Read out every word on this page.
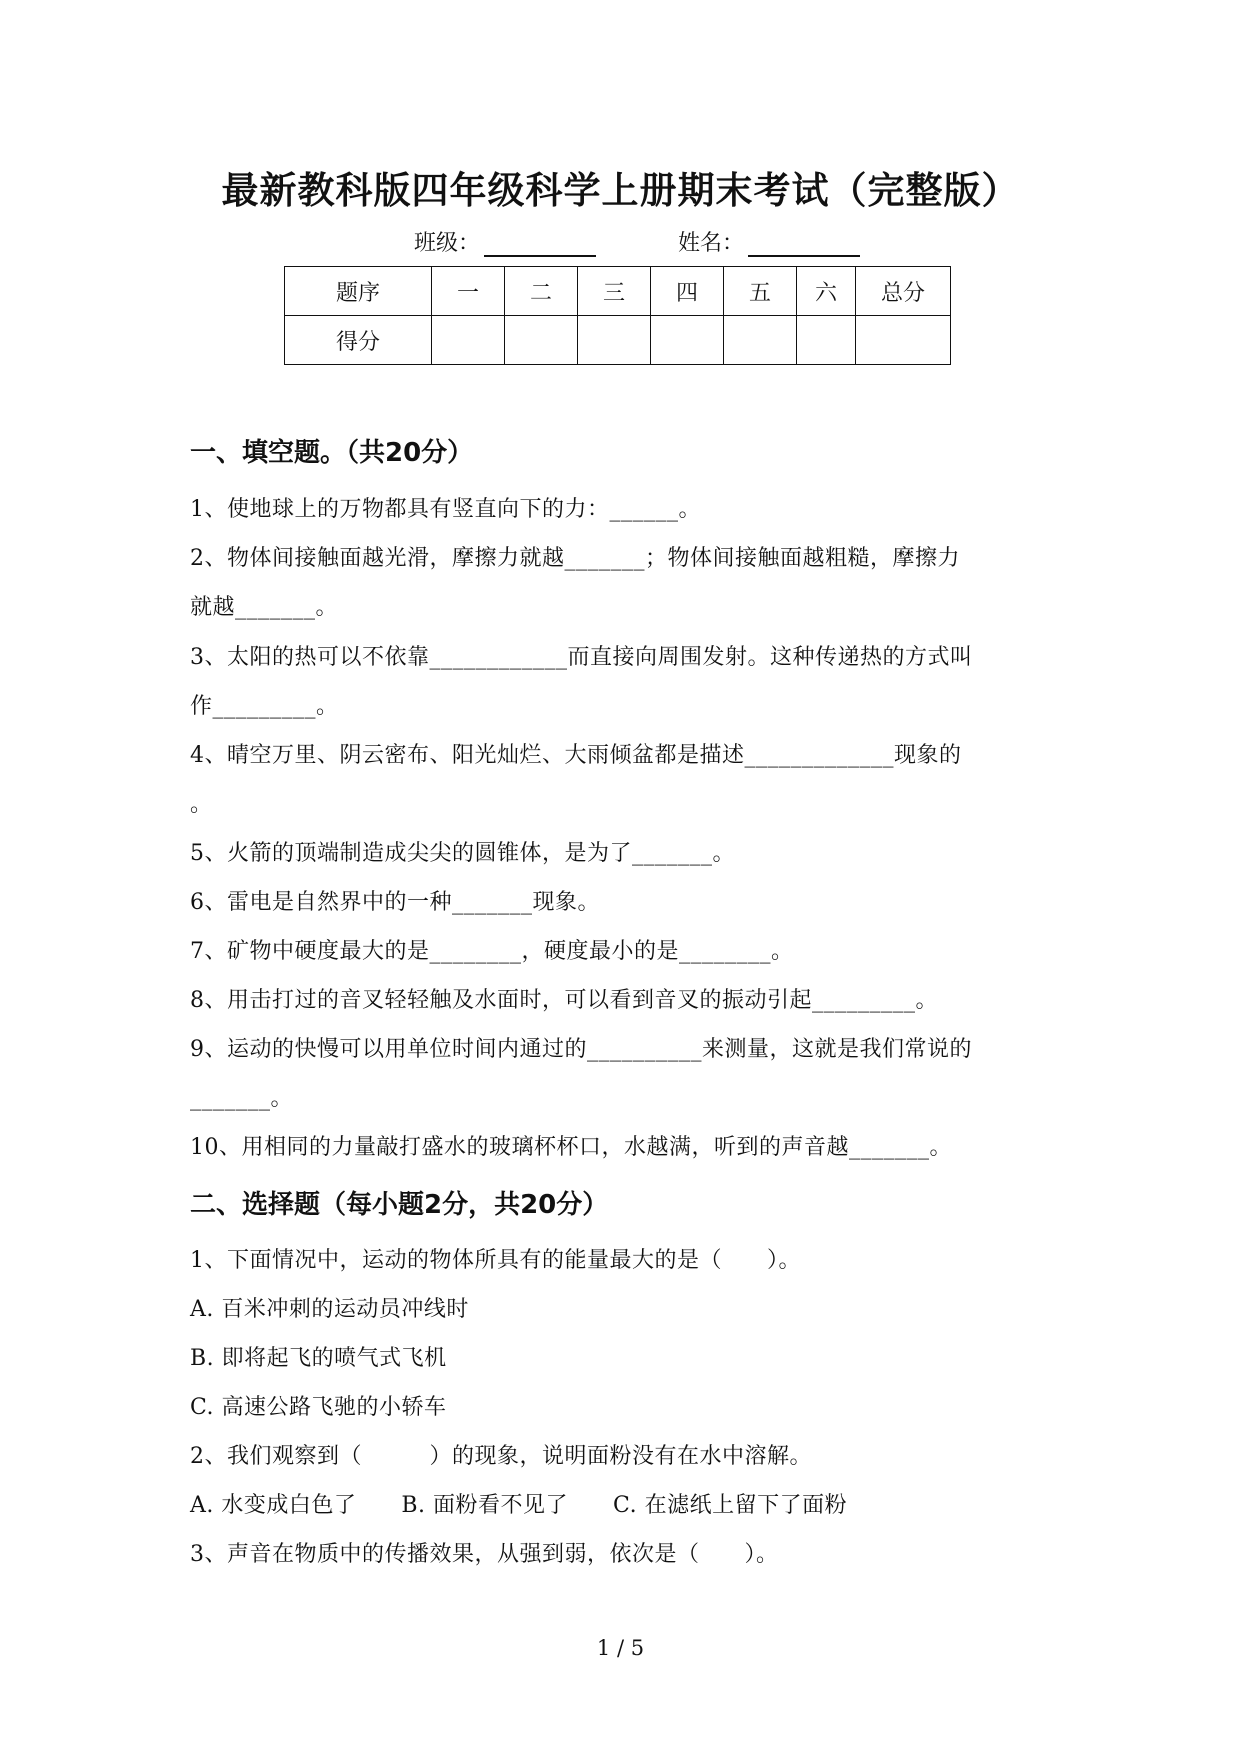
最新教科版四年级科学上册期末考试（完整版）
班级：	姓名：
题序	一	二	三	四	五	六	总分
得分							
一、填空题。（共20分）
1、使地球上的万物都具有竖直向下的力：______。
2、物体间接触面越光滑，摩擦力就越_______；物体间接触面越粗糙，摩擦力
就越_______。
3、太阳的热可以不依靠____________而直接向周围发射。这种传递热的方式叫
作_________。
4、晴空万里、阴云密布、阳光灿烂、大雨倾盆都是描述_____________现象的
。
5、火箭的顶端制造成尖尖的圆锥体，是为了_______。
6、雷电是自然界中的一种_______现象。
7、矿物中硬度最大的是________，硬度最小的是________。
8、用击打过的音叉轻轻触及水面时，可以看到音叉的振动引起_________。
9、运动的快慢可以用单位时间内通过的__________来测量，这就是我们常说的
_______。
10、用相同的力量敲打盛水的玻璃杯杯口，水越满，听到的声音越_______。
二、选择题（每小题2分，共20分）
1、下面情况中，运动的物体所具有的能量最大的是（　　）。
A. 百米冲刺的运动员冲线时
B. 即将起飞的喷气式飞机
C. 高速公路飞驰的小轿车
2、我们观察到（　　　）的现象，说明面粉没有在水中溶解。
A. 水变成白色了　　B. 面粉看不见了　　C. 在滤纸上留下了面粉
3、声音在物质中的传播效果，从强到弱，依次是（　　）。
1 / 5
